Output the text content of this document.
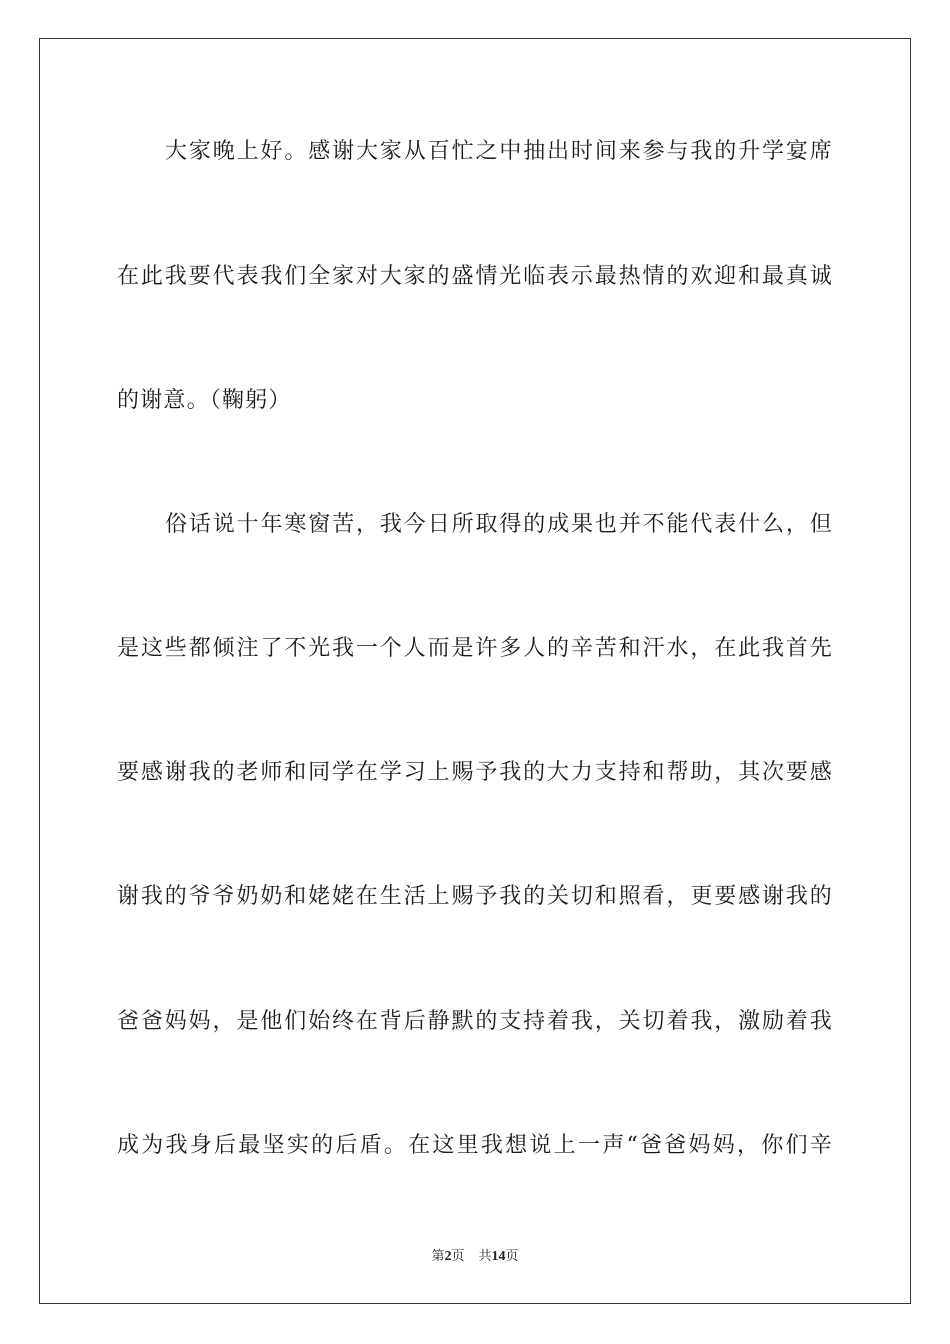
大家晚上好。感谢大家从百忙之中抽出时间来参与我的升学宴席
在此我要代表我们全家对大家的盛情光临表示最热情的欢迎和最真诚
的谢意。（鞠躬）
俗话说十年寒窗苦，我今日所取得的成果也并不能代表什么，但
是这些都倾注了不光我一个人而是许多人的辛苦和汗水，在此我首先
要感谢我的老师和同学在学习上赐予我的大力支持和帮助，其次要感
谢我的爷爷奶奶和姥姥在生活上赐予我的关切和照看，更要感谢我的
爸爸妈妈，是他们始终在背后静默的支持着我，关切着我，激励着我
成为我身后最坚实的后盾。在这里我想说上一声“爸爸妈妈，你们辛
第2页 共14页
